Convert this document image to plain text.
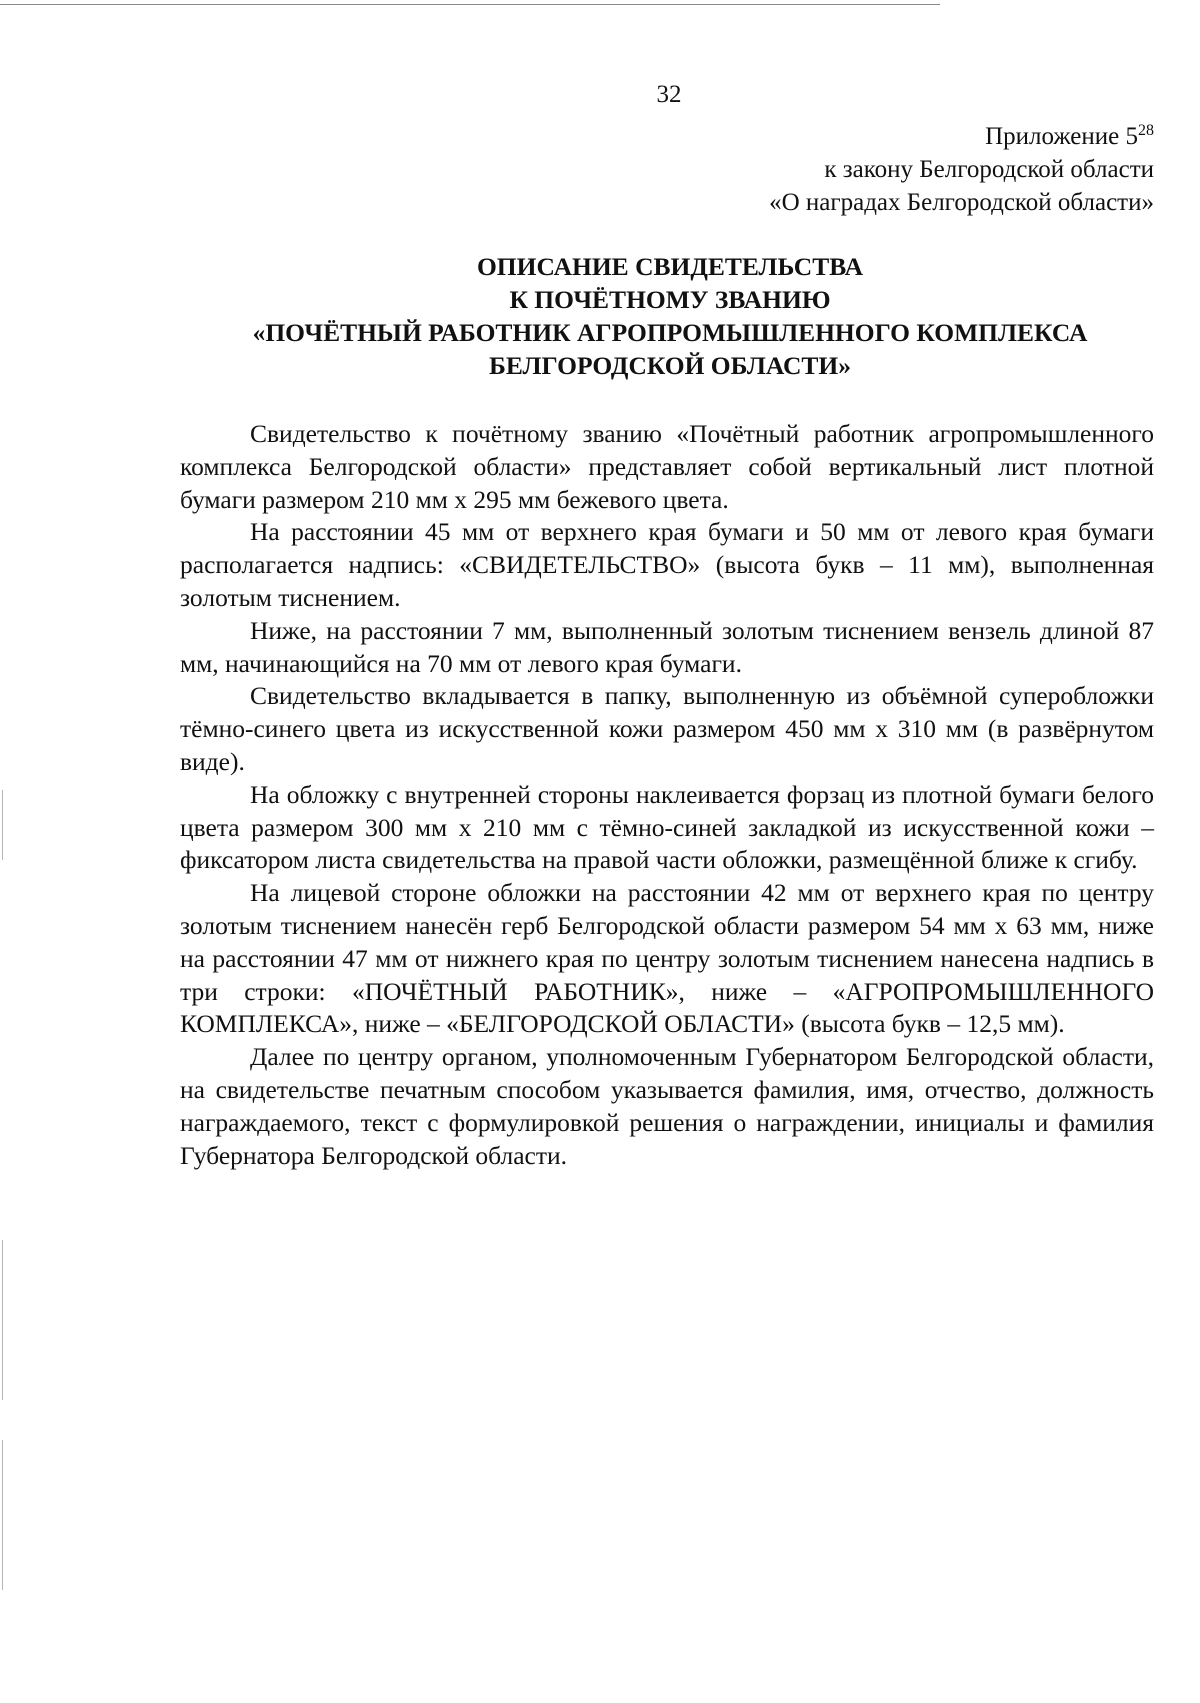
32
Приложение $5^{28}$
к закону Белгородской области
«О наградах Белгородской области»
ОПИСАНИЕ СВИДЕТЕЛЬСТВА
К ПОЧЁТНОМУ ЗВАНИЮ
«ПОЧЁТНЫЙ РАБОТНИК АГРОПРОМЫШЛЕННОГО КОМПЛЕКСА
БЕЛГОРОДСКОЙ ОБЛАСТИ»

Свидетельство к почётному званию «Почётный работник агропромышленного комплекса Белгородской области» представляет собой вертикальный лист плотной бумаги размером 210 мм х 295 мм бежевого цвета.

На расстоянии 45 мм от верхнего края бумаги и 50 мм от левого края бумаги располагается надпись: «СВИДЕТЕЛЬСТВО» (высота букв – 11 мм), выполненная золотым тиснением.

Ниже, на расстоянии 7 мм, выполненный золотым тиснением вензель длиной 87 мм, начинающийся на 70 мм от левого края бумаги.

Свидетельство вкладывается в папку, выполненную из объёмной суперобложки тёмно-синего цвета из искусственной кожи размером 450 мм х 310 мм (в развёрнутом виде).

На обложку с внутренней стороны наклеивается форзац из плотной бумаги белого цвета размером 300 мм х 210 мм с тёмно-синей закладкой из искусственной кожи – фиксатором листа свидетельства на правой части обложки, размещённой ближе к сгибу.

На лицевой стороне обложки на расстоянии 42 мм от верхнего края по центру золотым тиснением нанесён герб Белгородской области размером 54 мм х 63 мм, ниже на расстоянии 47 мм от нижнего края по центру золотым тиснением нанесена надпись в три строки: «ПОЧЁТНЫЙ РАБОТНИК», ниже – «АГРОПРОМЫШЛЕННОГО КОМПЛЕКСА», ниже – «БЕЛГОРОДСКОЙ ОБЛАСТИ» (высота букв – 12,5 мм).

Далее по центру органом, уполномоченным Губернатором Белгородской области, на свидетельстве печатным способом указывается фамилия, имя, отчество, должность награждаемого, текст с формулировкой решения о награждении, инициалы и фамилия Губернатора Белгородской области.
